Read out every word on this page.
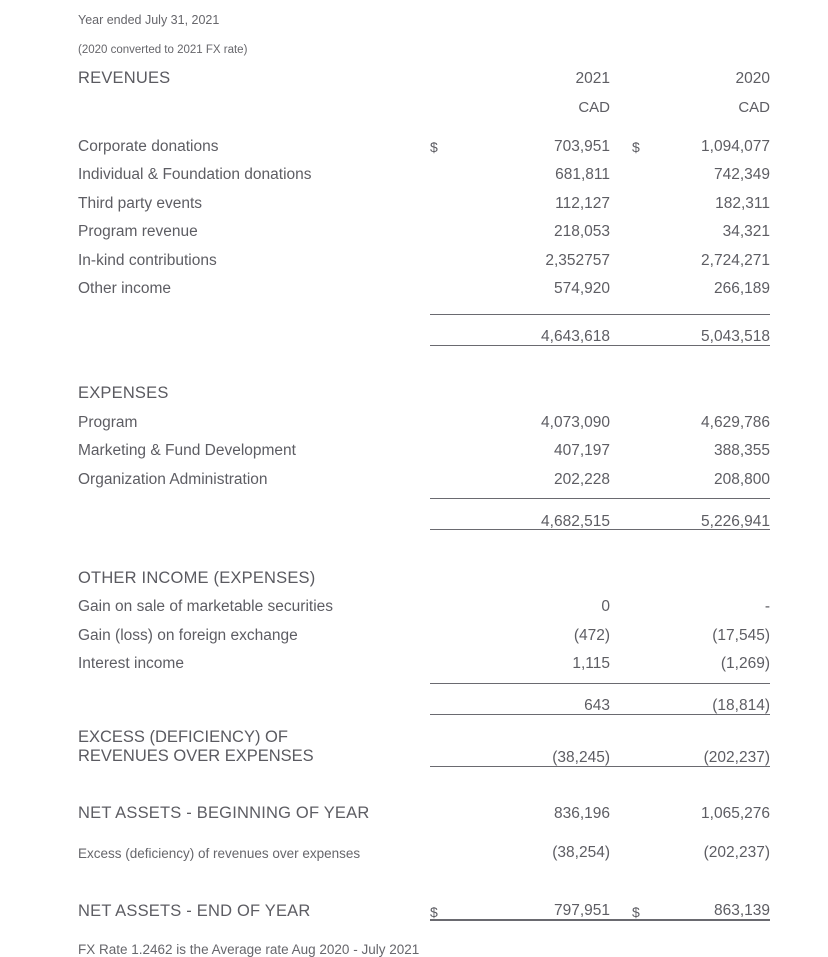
Year ended July 31, 2021					
(2020 converted to 2021 FX rate)					
REVENUES		2021			2020
		CAD			CAD

Corporate donations	$	703,951		$	1,094,077
Individual & Foundation donations		681,811			742,349
Third party events		112,127			182,311
Program revenue		218,053			34,321
In-kind contributions		2,352757			2,724,271
Other income		574,920			266,189

		4,643,618			5,043,518

EXPENSES					
Program		4,073,090			4,629,786
Marketing & Fund Development		407,197			388,355
Organization Administration		202,228			208,800

		4,682,515			5,226,941

OTHER INCOME (EXPENSES)					
Gain on sale of marketable securities		0			-
Gain (loss) on foreign exchange		(472)			(17,545)
Interest income		1,115			(1,269)

		643			(18,814)

EXCESS (DEFICIENCY) OF
REVENUES OVER EXPENSES		(38,245)			(202,237)

NET ASSETS - BEGINNING OF YEAR		836,196			1,065,276

Excess (deficiency) of revenues over expenses		(38,254)			(202,237)

NET ASSETS - END OF YEAR	$	797,951		$	863,139
FX Rate 1.2462 is the Average rate Aug 2020 - July 2021					
